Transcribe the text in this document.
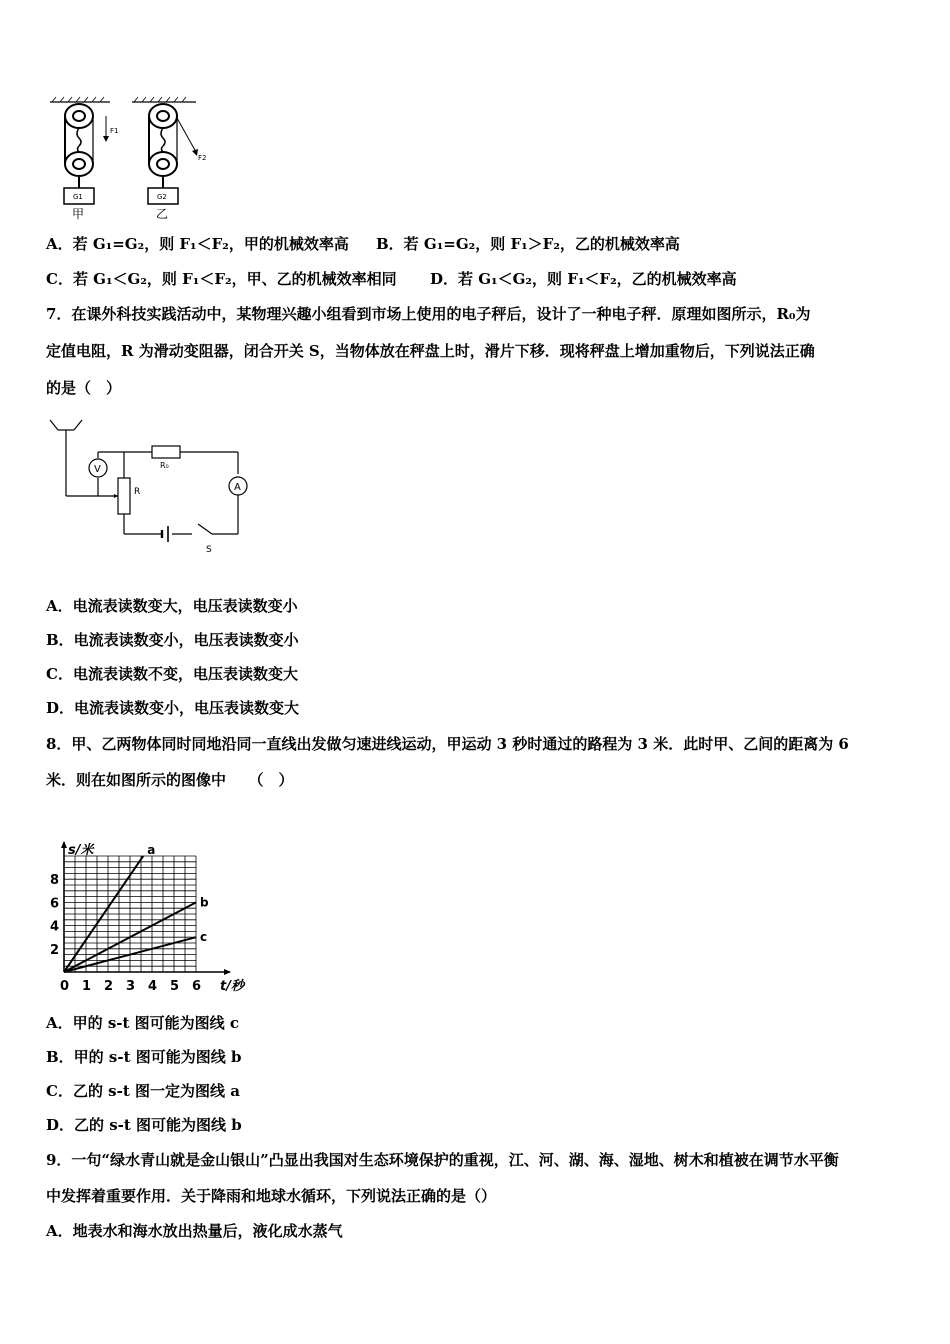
F1
G1
甲
F2
G2
乙
A．若 G₁=G₂，则 F₁＜F₂，甲的机械效率高 B．若 G₁=G₂，则 F₁＞F₂，乙的机械效率高
C．若 G₁＜G₂，则 F₁＜F₂，甲、乙的机械效率相同 D．若 G₁＜G₂，则 F₁＜F₂，乙的机械效率高
7．在课外科技实践活动中，某物理兴趣小组看到市场上使用的电子秤后，设计了一种电子秤．原理如图所示，R₀为
定值电阻，R 为滑动变阻器，闭合开关 S，当物体放在秤盘上时，滑片下移．现将秤盘上增加重物后，下列说法正确
的是（　）
V
A
R₀
R
S
A．电流表读数变大，电压表读数变小
B．电流表读数变小，电压表读数变小
C．电流表读数不变，电压表读数变大
D．电流表读数变小，电压表读数变大
8．甲、乙两物体同时同地沿同一直线出发做匀速进线运动，甲运动 3 秒时通过的路程为 3 米．此时甲、乙间的距离为 6
米．则在如图所示的图像中　　（　）
a
b
c
0 1 2 3 4 5 6
2
4
6
8
s/米
t/秒
A．甲的 s-t 图可能为图线 c
B．甲的 s-t 图可能为图线 b
C．乙的 s-t 图一定为图线 a
D．乙的 s-t 图可能为图线 b
9．一句“绿水青山就是金山银山”凸显出我国对生态环境保护的重视，江、河、湖、海、湿地、树木和植被在调节水平衡
中发挥着重要作用．关于降雨和地球水循环，下列说法正确的是（）
A．地表水和海水放出热量后，液化成水蒸气
